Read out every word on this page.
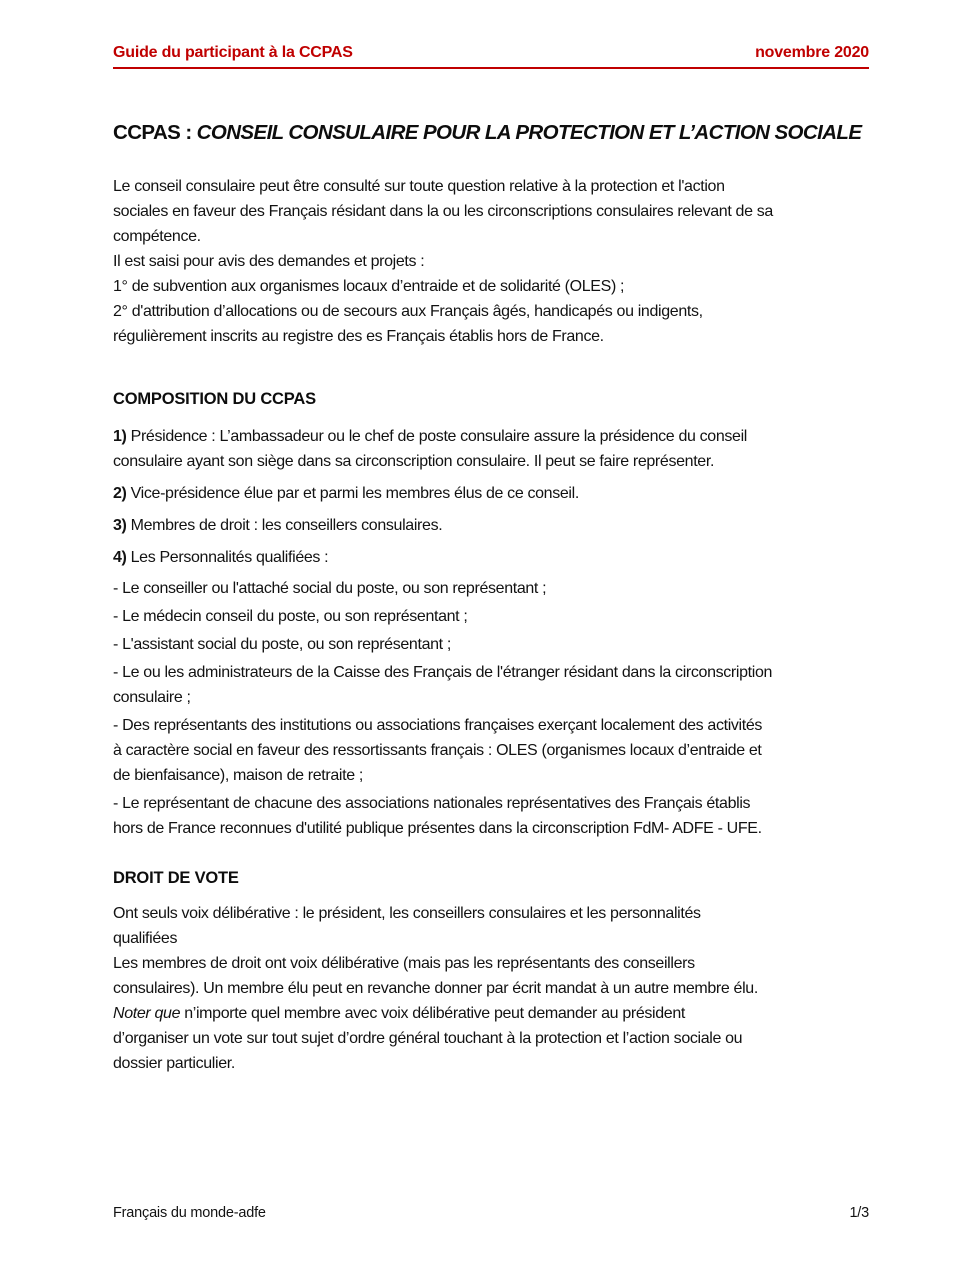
Guide du participant à la CCPAS	novembre 2020
CCPAS : CONSEIL CONSULAIRE POUR LA PROTECTION ET L’ACTION SOCIALE
Le conseil consulaire peut être consulté sur toute question relative à la protection et l'action
sociales en faveur des Français résidant dans la ou les circonscriptions consulaires relevant de sa
compétence.
Il est saisi pour avis des demandes et projets :
1° de subvention aux organismes locaux d’entraide et de solidarité (OLES) ;
2° d'attribution d’allocations ou de secours aux Français âgés, handicapés ou indigents,
régulièrement inscrits au registre des es Français établis hors de France.
COMPOSITION DU CCPAS
1) Présidence : L’ambassadeur ou le chef de poste consulaire assure la présidence du conseil
consulaire ayant son siège dans sa circonscription consulaire. Il peut se faire représenter.
2) Vice-présidence élue par et parmi les membres élus de ce conseil.
3) Membres de droit : les conseillers consulaires.
4) Les Personnalités qualifiées :
- Le conseiller ou l'attaché social du poste, ou son représentant ;
- Le médecin conseil du poste, ou son représentant ;
- L'assistant social du poste, ou son représentant ;
- Le ou les administrateurs de la Caisse des Français de l'étranger résidant dans la circonscription
consulaire ;
- Des représentants des institutions ou associations françaises exerçant localement des activités
à caractère social en faveur des ressortissants français : OLES (organismes locaux d’entraide et
de bienfaisance), maison de retraite ;
- Le représentant de chacune des associations nationales représentatives des Français établis
hors de France reconnues d'utilité publique présentes dans la circonscription FdM- ADFE - UFE.
DROIT DE VOTE
Ont seuls voix délibérative : le président, les conseillers consulaires et les personnalités
qualifiées
Les membres de droit ont voix délibérative (mais pas les représentants des conseillers
consulaires). Un membre élu peut en revanche donner par écrit mandat à un autre membre élu.
Noter que n’importe quel membre avec voix délibérative peut demander au président
d’organiser un vote sur tout sujet d’ordre général touchant à la protection et l’action sociale ou
dossier particulier.
Français du monde-adfe	1/3
